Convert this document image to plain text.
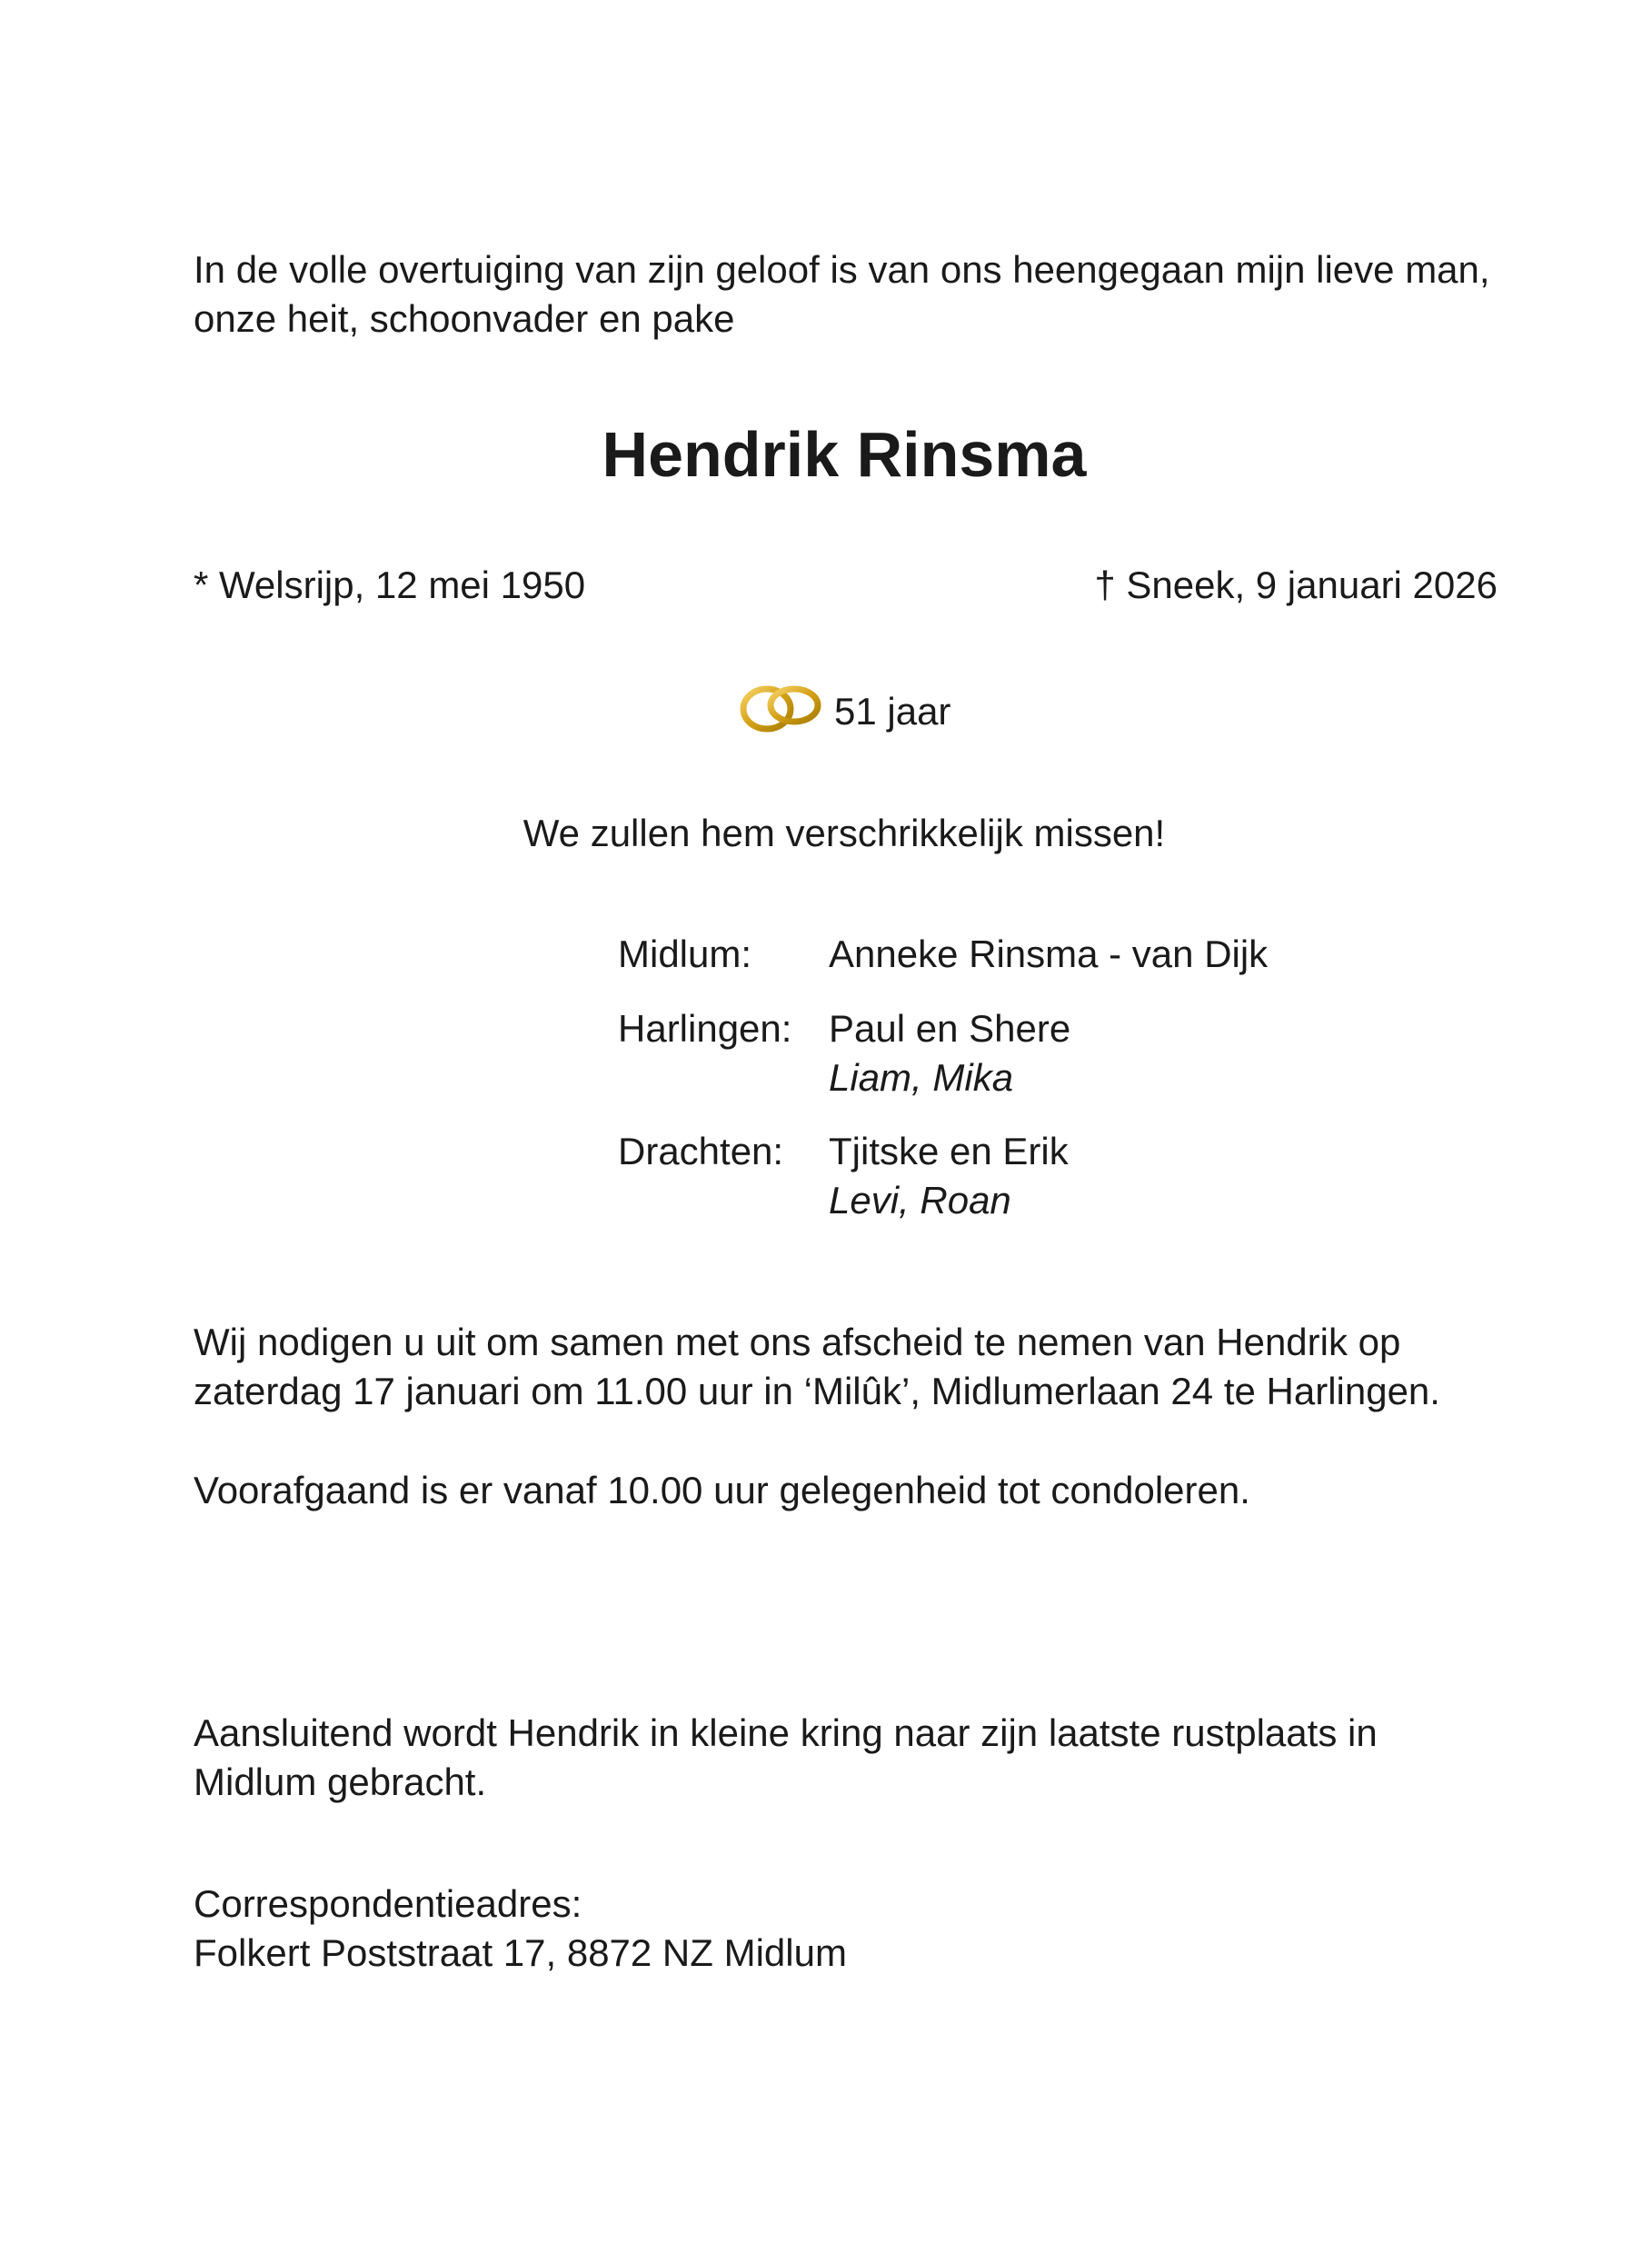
In de volle overtuiging van zijn geloof is van ons heengegaan mijn lieve man,
onze heit, schoonvader en pake
Hendrik Rinsma
* Welsrijp, 12 mei 1950	† Sneek, 9 januari 2026
51 jaar
We zullen hem verschrikkelijk missen!
Midlum: Anneke Rinsma - van Dijk
Harlingen: Paul en Shere
Liam, Mika
Drachten: Tjitske en Erik
Levi, Roan
Wij nodigen u uit om samen met ons afscheid te nemen van Hendrik op
zaterdag 17 januari om 11.00 uur in ‘Milûk’, Midlumerlaan 24 te Harlingen.
Voorafgaand is er vanaf 10.00 uur gelegenheid tot condoleren.
Aansluitend wordt Hendrik in kleine kring naar zijn laatste rustplaats in
Midlum gebracht.
Correspondentieadres:
Folkert Poststraat 17, 8872 NZ Midlum
